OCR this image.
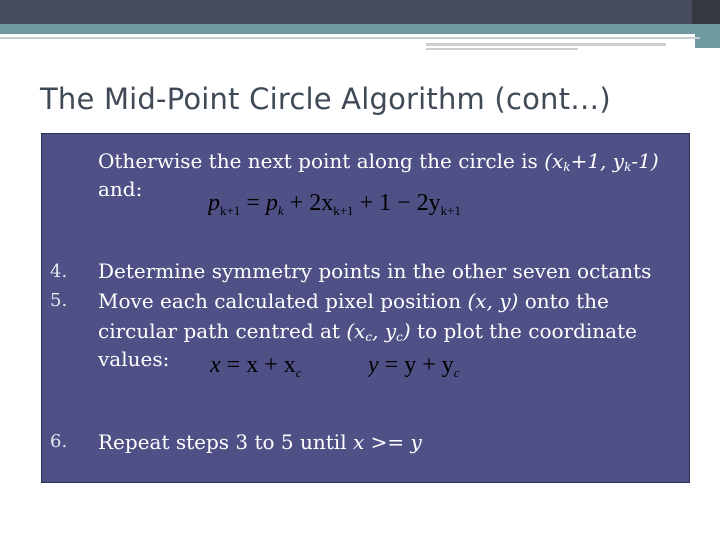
The Mid-Point Circle Algorithm (cont…)

Otherwise the next point along the circle is ($x_k+1$, $y_k-1$)

and:

$p_{k+1} = p_k + 2x_{k+1} + 1 - 2y_{k+1}$

4. Determine symmetry points in the other seven octants

5. Move each calculated pixel position (x, y) onto the

circular path centred at ($x_c$, $y_c$) to plot the coordinate

values: $x = x + x_c$	$y = y + y_c$

6. Repeat steps 3 to 5 until x >= y
